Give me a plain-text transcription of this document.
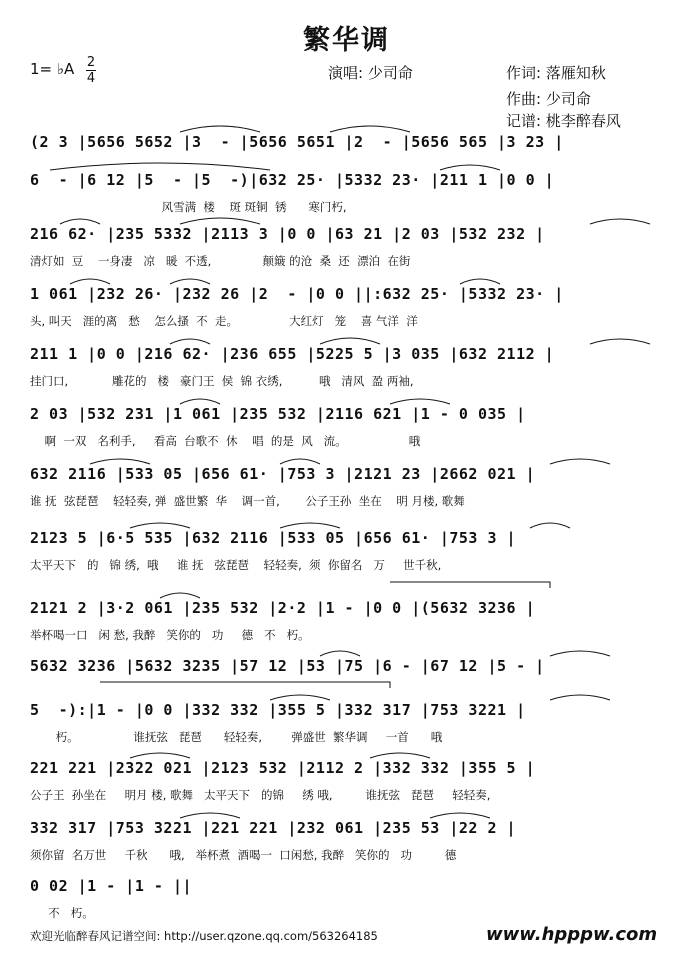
繁华调
1= ♭A 2
4	演唱: 少司命	作词: 落雁知秋
作曲: 少司命
记谱: 桃李醉春风
(2 3 |5656 5652 |3  - |5656 5651 |2  - |5656 565 |3 23 |
6  - |6 12 |5  - |5  -)|632 25· |5332 23· |211 1 |0 0 |
风雪满  楼    斑 斑铜  锈      寒门朽,
216 62· |235 5332 |2113 3 |0 0 |63 21 |2 03 |532 232 |
清灯如  豆    一身凄   凉   暖  不透,              颠簸 的沧  桑  还  漂泊  在街
1 061 |232 26· |232 26 |2  - |0 0 ||:632 25· |5332 23· |
头, 叫天   涯的离   愁    怎么搔  不  走。              大红灯   笼    喜 气洋  洋
211 1 |0 0 |216 62· |236 655 |5225 5 |3 035 |632 2112 |
挂门口,            雕花的   楼   豪门王  侯  锦 衣绣,          哦   清风  盈 两袖,
2 03 |532 231 |1 061 |235 532 |2116 621 |1 - 0 035 |
啊  一双   名利手,     看高  台歌不  休    唱  的是  风   流。                 哦
632 2116 |533 05 |656 61· |753 3 |2121 23 |2662 021 |
谁 抚  弦琵琶    轻轻奏, 弹  盛世繁  华    调一首,       公子王孙  坐在    明 月楼, 歌舞
2123 5 |6·5 535 |632 2116 |533 05 |656 61· |753 3 |
太平天下   的   锦 绣,  哦     谁 抚   弦琵琶    轻轻奏,  须  你留名   万     世千秋,
2121 2 |3·2 061 |235 532 |2·2 |1 - |0 0 |(5632 3236 |
举杯喝一口   闲 愁, 我醉   笑你的   功     德   不   朽。
5632 3236 |5632 3235 |57 12 |53 |75 |6 - |67 12 |5 - |
5  -):|1 - |0 0 |332 332 |355 5 |332 317 |753 3221 |
朽。               谁抚弦   琵琶      轻轻奏,        弹盛世  繁华调     一首      哦
221 221 |2322 021 |2123 532 |2112 2 |332 332 |355 5 |
公子王  孙坐在     明月 楼, 歌舞   太平天下   的锦     绣 哦,         谁抚弦   琵琶     轻轻奏,
332 317 |753 3221 |221 221 |232 061 |235 53 |22 2 |
须你留  名万世     千秋      哦,   举杯煮  酒喝一  口闲愁, 我醉   笑你的   功         德
0 02 |1 - |1 - ||
不   朽。
欢迎光临醉春风记谱空间: http://user.qzone.qq.com/563264185	www.hpppw.com
